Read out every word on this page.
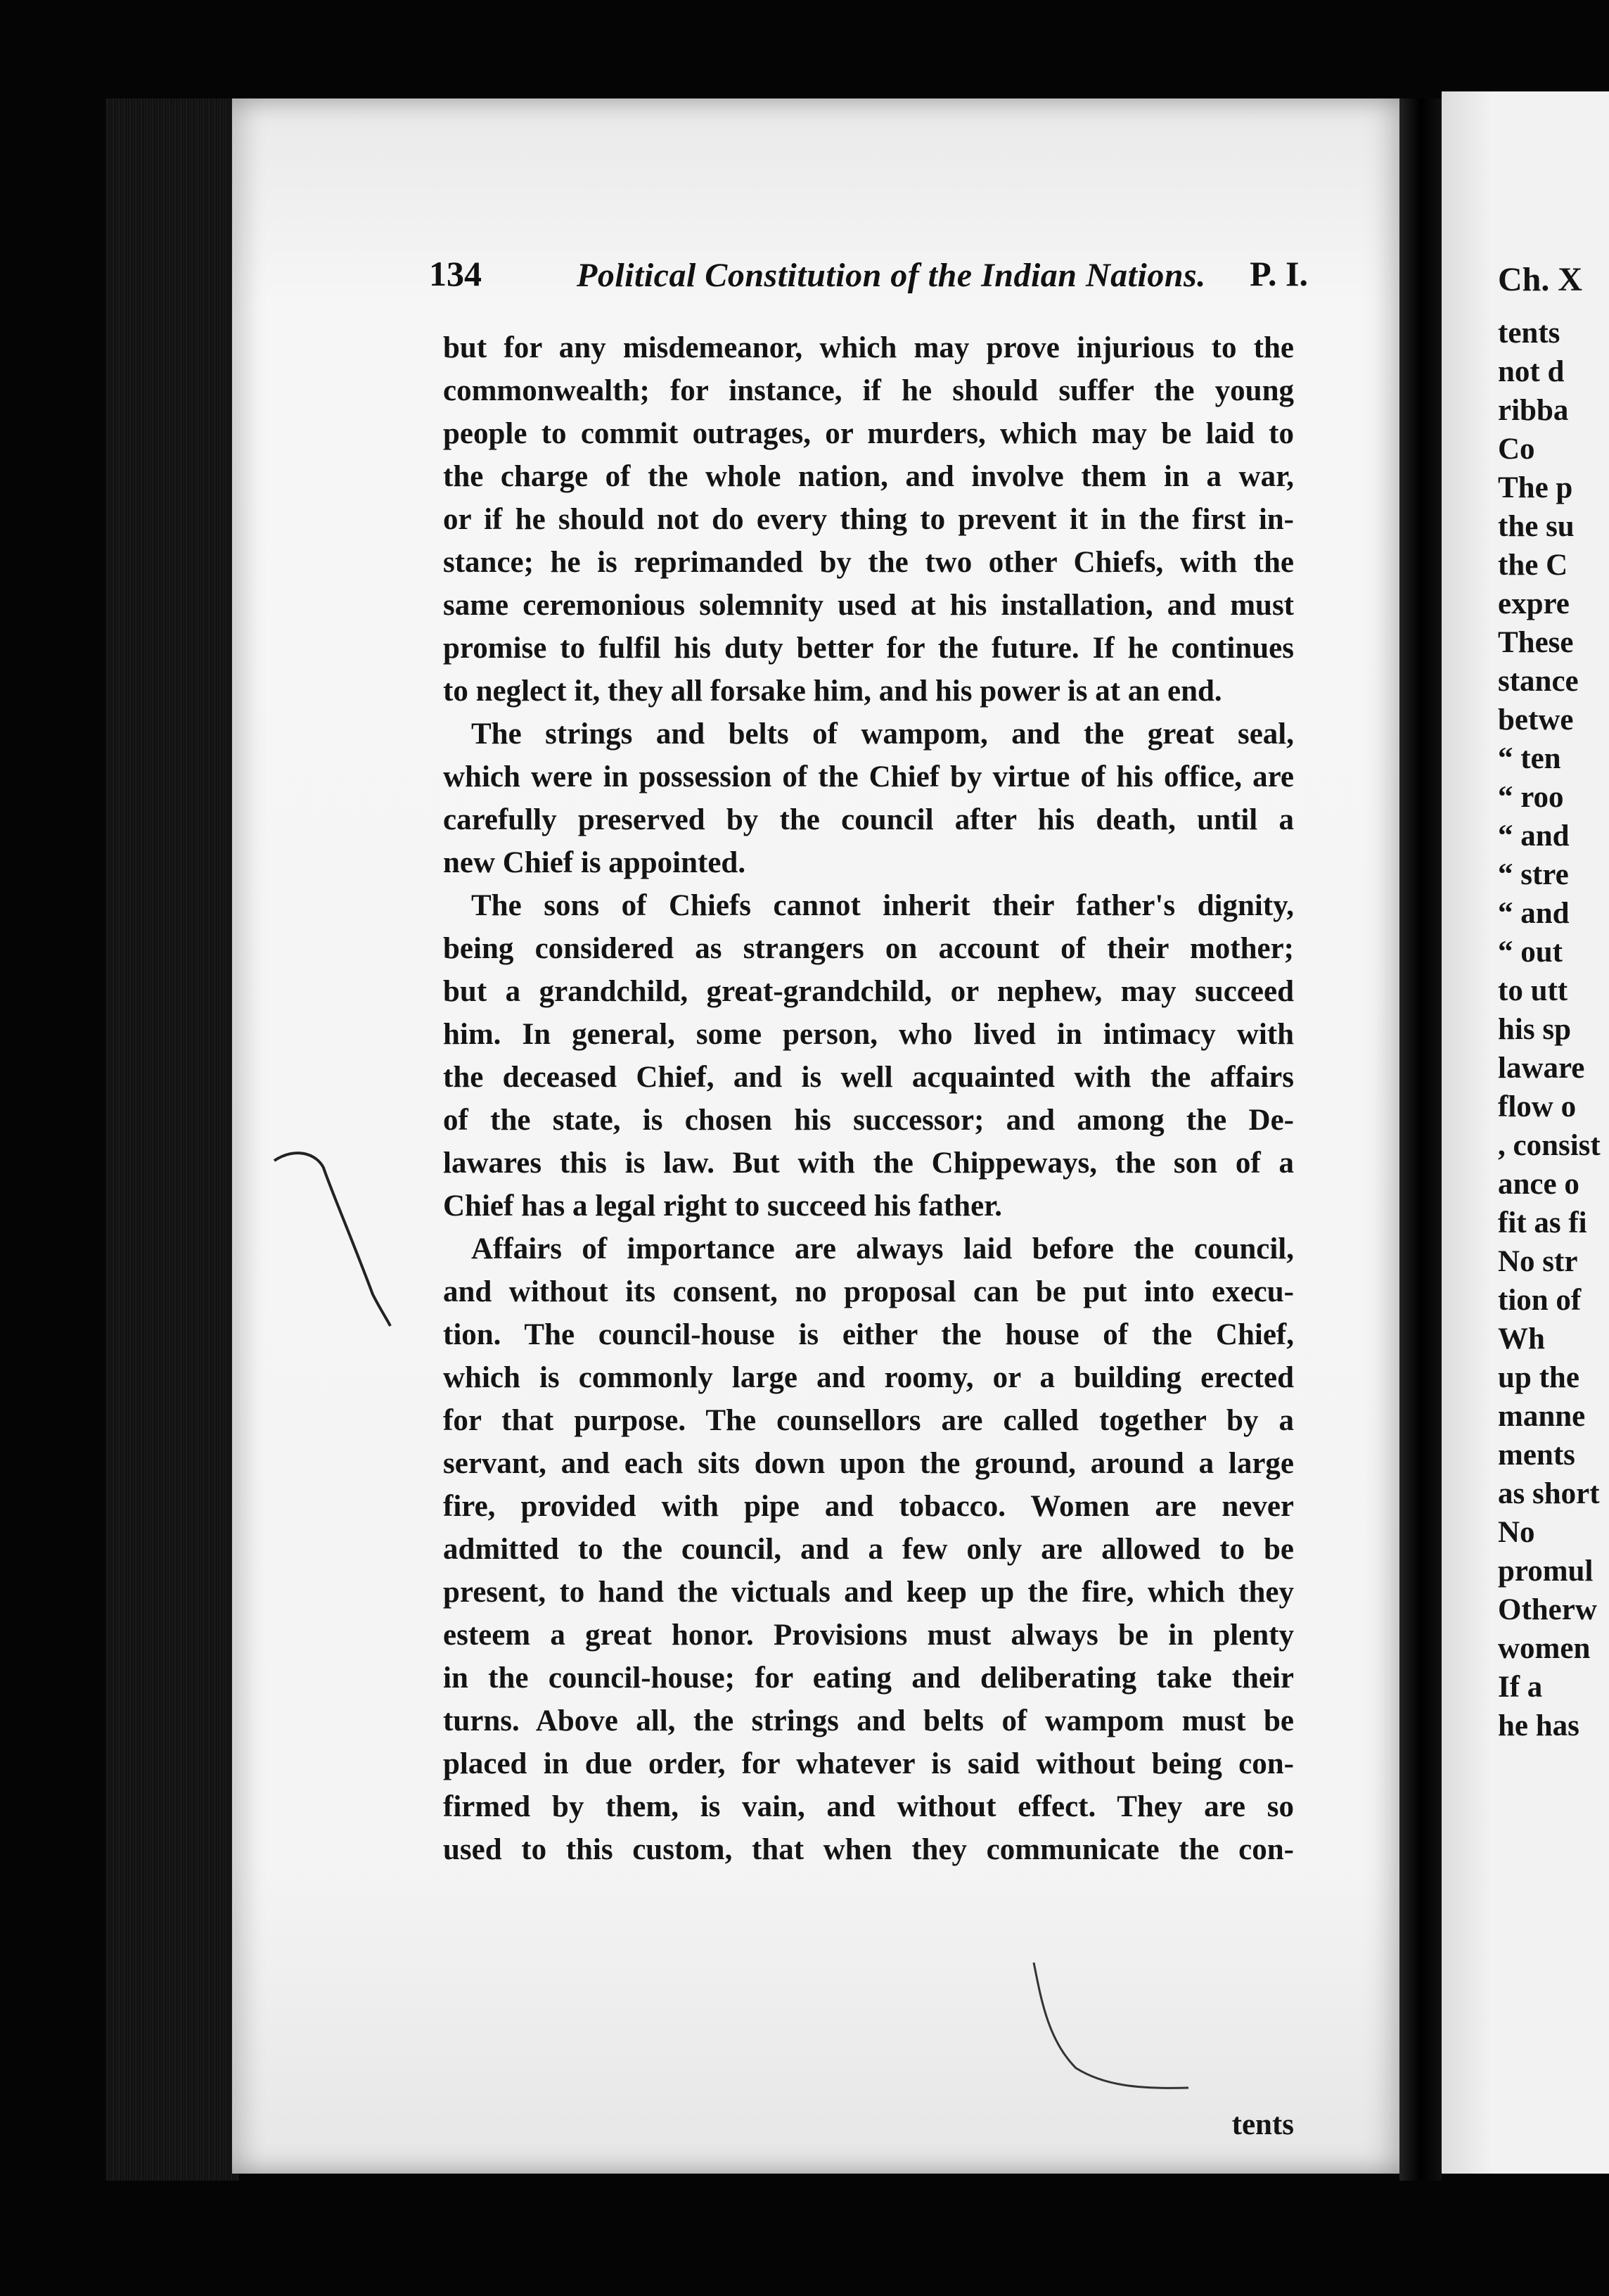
134	Political Constitution of the Indian Nations. P. I.
but for any misdemeanor, which may prove injurious to the
commonwealth; for instance, if he should suffer the young
people to commit outrages, or murders, which may be laid to
the charge of the whole nation, and involve them in a war,
or if he should not do every thing to prevent it in the first in-
stance; he is reprimanded by the two other Chiefs, with the
same ceremonious solemnity used at his installation, and must
promise to fulfil his duty better for the future. If he continues
to neglect it, they all forsake him, and his power is at an end.
The strings and belts of wampom, and the great seal,
which were in possession of the Chief by virtue of his office, are
carefully preserved by the council after his death, until a
new Chief is appointed.
The sons of Chiefs cannot inherit their father's dignity,
being considered as strangers on account of their mother;
but a grandchild, great-grandchild, or nephew, may succeed
him. In general, some person, who lived in intimacy with
the deceased Chief, and is well acquainted with the affairs
of the state, is chosen his successor; and among the De-
lawares this is law. But with the Chippeways, the son of a
Chief has a legal right to succeed his father.
Affairs of importance are always laid before the council,
and without its consent, no proposal can be put into execu-
tion. The council-house is either the house of the Chief,
which is commonly large and roomy, or a building erected
for that purpose. The counsellors are called together by a
servant, and each sits down upon the ground, around a large
fire, provided with pipe and tobacco. Women are never
admitted to the council, and a few only are allowed to be
present, to hand the victuals and keep up the fire, which they
esteem a great honor. Provisions must always be in plenty
in the council-house; for eating and deliberating take their
turns. Above all, the strings and belts of wampom must be
placed in due order, for whatever is said without being con-
firmed by them, is vain, and without effect. They are so
used to this custom, that when they communicate the con-
tents
Ch. X
tents
not d
ribba
Co
The p
the su
the C
expre
These
stance
betwe
“ ten
“ roo
“ and
“ stre
“ and
“ out
to utt
his sp
laware
flow o
, consist
ance o
fit as fi
No str
tion of
Wh
up the
manne
ments
as short
No
promul
Otherw
women
If a
he has
